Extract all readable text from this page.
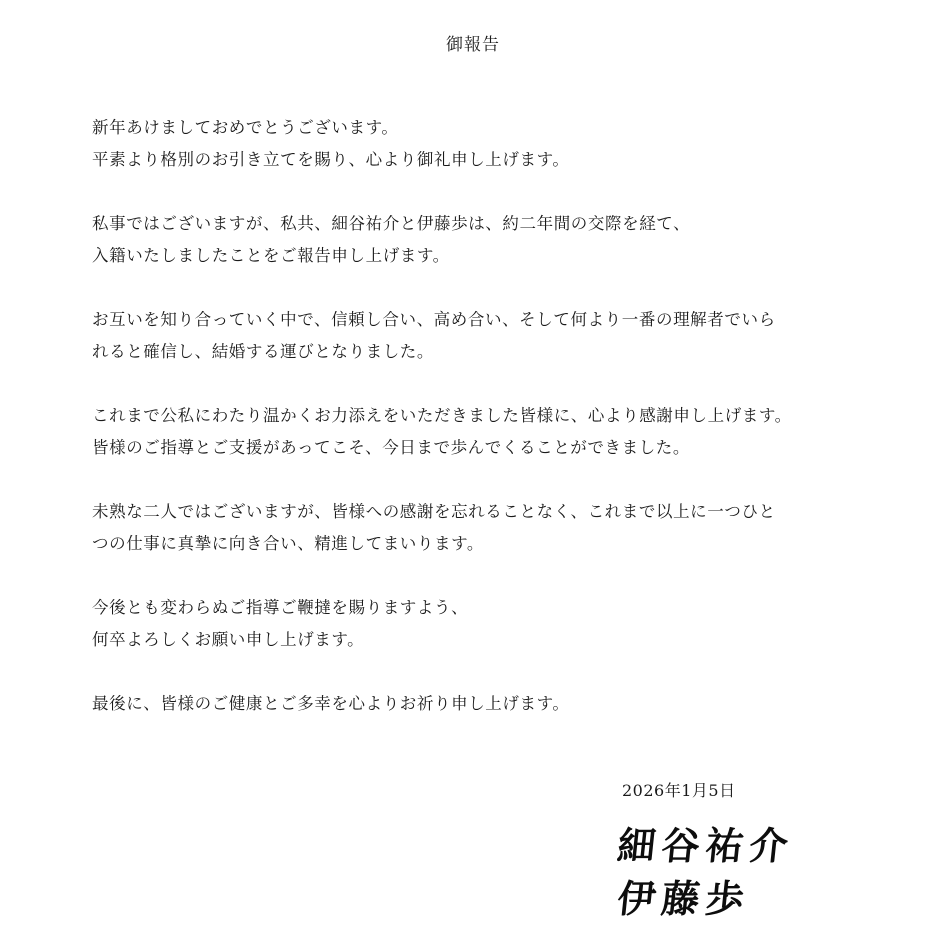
御報告

新年あけましておめでとうございます。
平素より格別のお引き立てを賜り、心より御礼申し上げます。

私事ではございますが、私共、細谷祐介と伊藤歩は、約二年間の交際を経て、
入籍いたしましたことをご報告申し上げます。

お互いを知り合っていく中で、信頼し合い、高め合い、そして何より一番の理解者でいら
れると確信し、結婚する運びとなりました。

これまで公私にわたり温かくお力添えをいただきました皆様に、心より感謝申し上げます。
皆様のご指導とご支援があってこそ、今日まで歩んでくることができました。

未熟な二人ではございますが、皆様への感謝を忘れることなく、これまで以上に一つひと
つの仕事に真摯に向き合い、精進してまいります。

今後とも変わらぬご指導ご鞭撻を賜りますよう、
何卒よろしくお願い申し上げます。

最後に、皆様のご健康とご多幸を心よりお祈り申し上げます。

2026年1月5日
細谷祐介
伊藤歩
